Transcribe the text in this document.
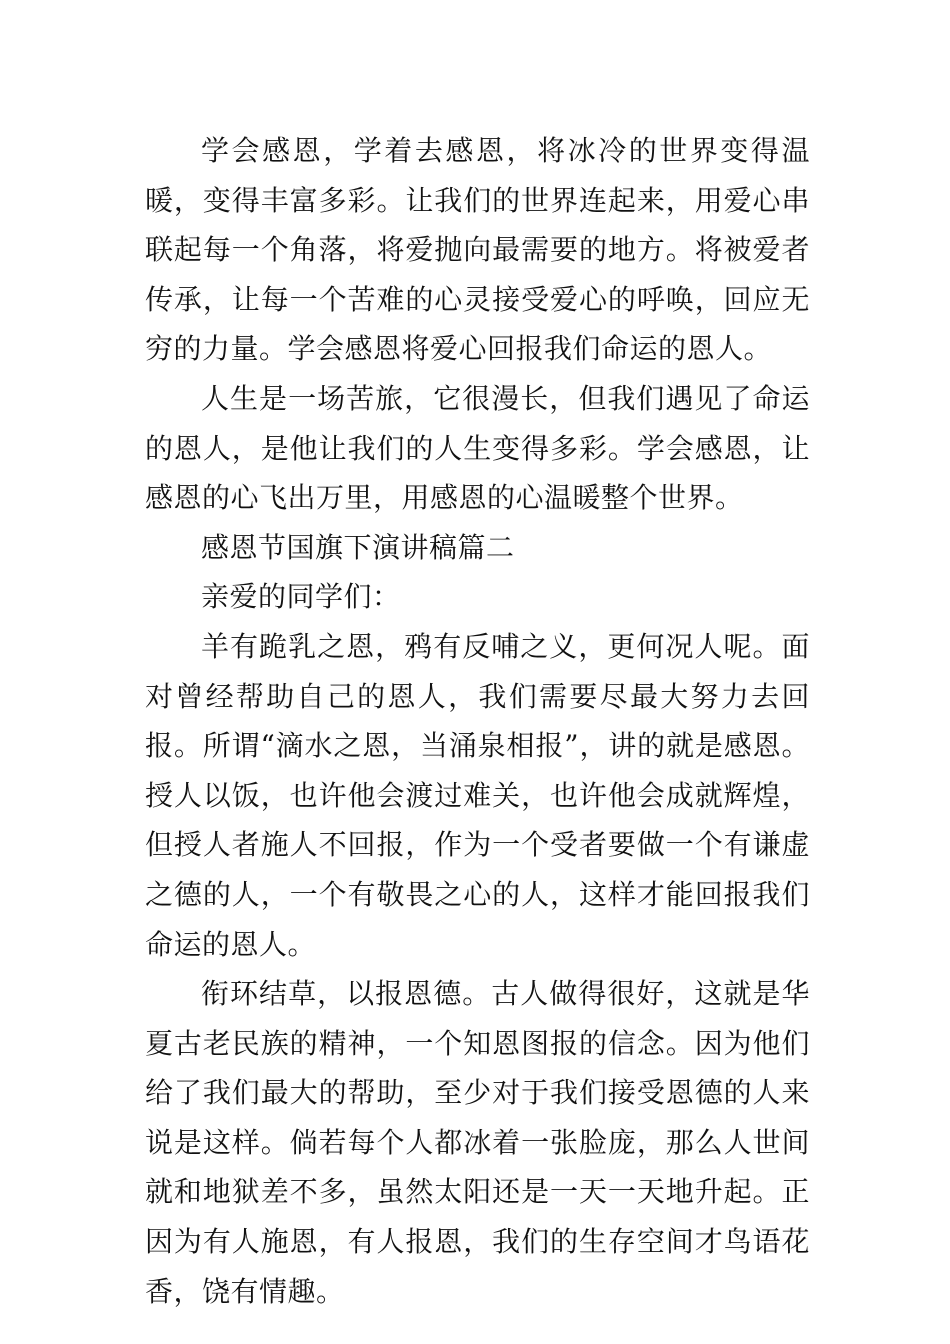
学会感恩，学着去感恩，将冰冷的世界变得温暖，变得丰富多彩。让我们的世界连起来，用爱心串联起每一个角落，将爱抛向最需要的地方。将被爱者传承，让每一个苦难的心灵接受爱心的呼唤，回应无穷的力量。学会感恩将爱心回报我们命运的恩人。

人生是一场苦旅，它很漫长，但我们遇见了命运的恩人，是他让我们的人生变得多彩。学会感恩，让感恩的心飞出万里，用感恩的心温暖整个世界。

感恩节国旗下演讲稿篇二

亲爱的同学们：

羊有跪乳之恩，鸦有反哺之义，更何况人呢。面对曾经帮助自己的恩人，我们需要尽最大努力去回报。所谓“滴水之恩，当涌泉相报”，讲的就是感恩。授人以饭，也许他会渡过难关，也许他会成就辉煌，但授人者施人不回报，作为一个受者要做一个有谦虚之德的人，一个有敬畏之心的人，这样才能回报我们命运的恩人。

衔环结草，以报恩德。古人做得很好，这就是华夏古老民族的精神，一个知恩图报的信念。因为他们给了我们最大的帮助，至少对于我们接受恩德的人来说是这样。倘若每个人都冰着一张脸庞，那么人世间就和地狱差不多，虽然太阳还是一天一天地升起。正因为有人施恩，有人报恩，我们的生存空间才鸟语花香，饶有情趣。
